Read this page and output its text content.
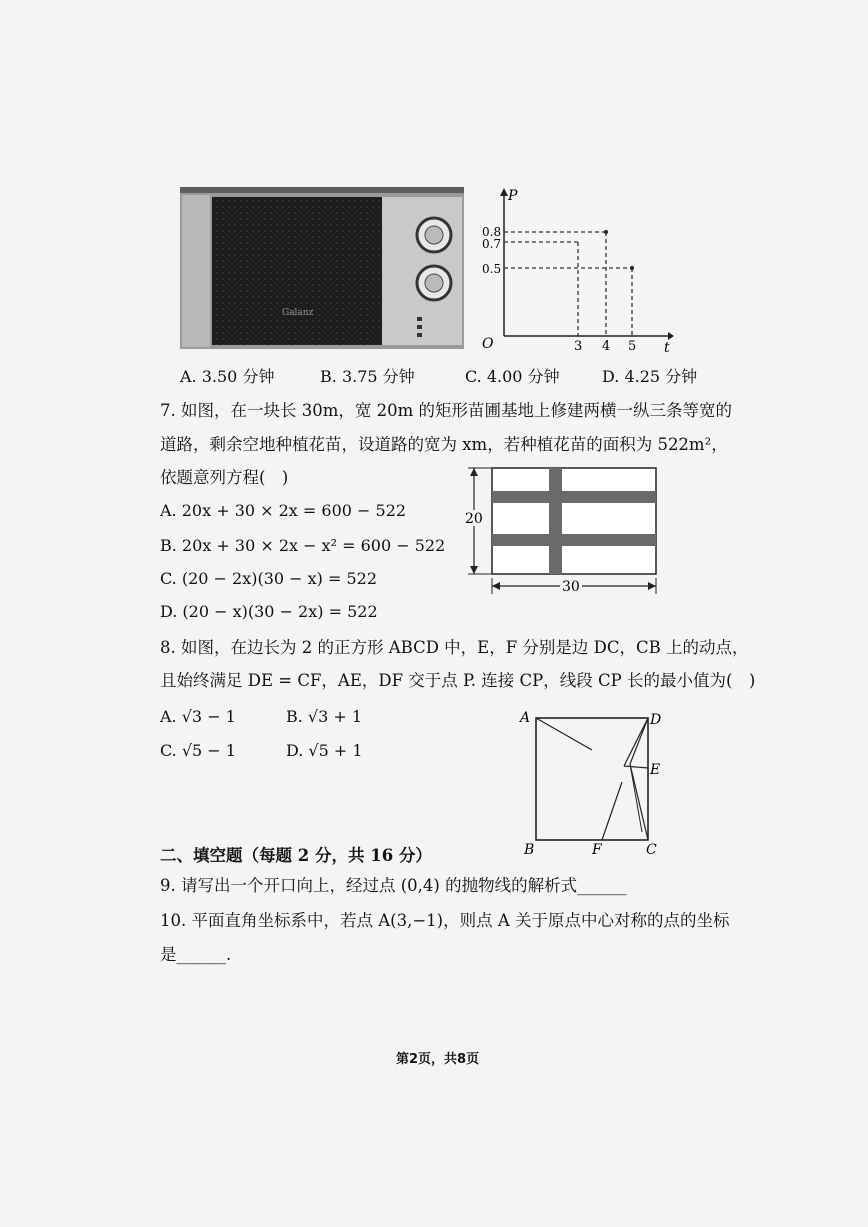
Galanz
P
t
O
0.8
0.7
0.5
3 4 5
A. 3.50 分钟	B. 3.75 分钟	C. 4.00 分钟	D. 4.25 分钟
7. 如图，在一块长 30m，宽 20m 的矩形苗圃基地上修建两横一纵三条等宽的
道路，剩余空地种植花苗，设道路的宽为 xm，若种植花苗的面积为 522m²，
依题意列方程(　)
A. 20x + 30 × 2x = 600 − 522
B. 20x + 30 × 2x − x² = 600 − 522
C. (20 − 2x)(30 − x) = 522
D. (20 − x)(30 − 2x) = 522
20
30
8. 如图，在边长为 2 的正方形 ABCD 中，E，F 分别是边 DC，CB 上的动点，
且始终满足 DE = CF，AE，DF 交于点 P. 连接 CP，线段 CP 长的最小值为(　)
A. √3 − 1	B. √3 + 1
C. √5 − 1	D. √5 + 1
A	D
E
B	F	C
二、填空题（每题 2 分，共 16 分）
9. 请写出一个开口向上，经过点 (0,4) 的抛物线的解析式______
10. 平面直角坐标系中，若点 A(3,−1)，则点 A 关于原点中心对称的点的坐标
是______.
第2页，共8页
